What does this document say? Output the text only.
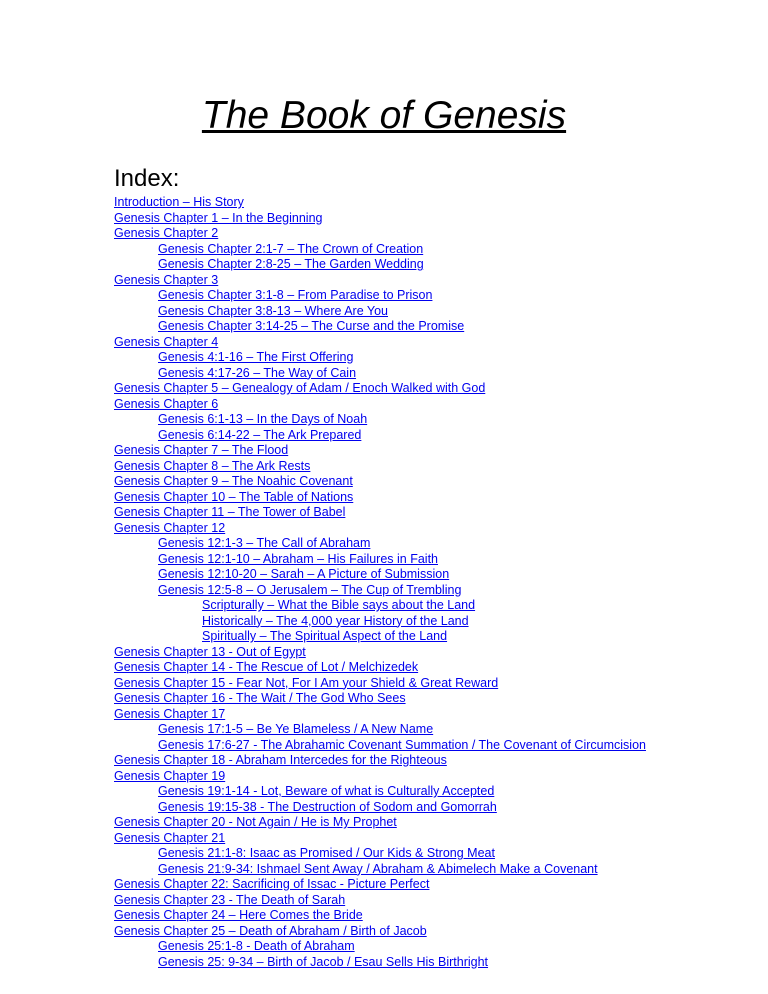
The Book of Genesis
Index:
Introduction – His Story
Genesis Chapter 1 – In the Beginning
Genesis Chapter 2
Genesis Chapter 2:1-7 – The Crown of Creation
Genesis Chapter 2:8-25 – The Garden Wedding
Genesis Chapter 3
Genesis Chapter 3:1-8 – From Paradise to Prison
Genesis Chapter 3:8-13 – Where Are You
Genesis Chapter 3:14-25 – The Curse and the Promise
Genesis Chapter 4
Genesis 4:1-16 – The First Offering
Genesis 4:17-26 – The Way of Cain
Genesis Chapter 5 – Genealogy of Adam / Enoch Walked with God
Genesis Chapter 6
Genesis 6:1-13 – In the Days of Noah
Genesis 6:14-22 – The Ark Prepared
Genesis Chapter 7 – The Flood
Genesis Chapter 8 – The Ark Rests
Genesis Chapter 9 – The Noahic Covenant
Genesis Chapter 10 – The Table of Nations
Genesis Chapter 11 – The Tower of Babel
Genesis Chapter 12
Genesis 12:1-3 – The Call of Abraham
Genesis 12:1-10 – Abraham – His Failures in Faith
Genesis 12:10-20 – Sarah – A Picture of Submission
Genesis 12:5-8 – O Jerusalem – The Cup of Trembling
Scripturally – What the Bible says about the Land
Historically – The 4,000 year History of the Land
Spiritually – The Spiritual Aspect of the Land
Genesis Chapter 13 - Out of Egypt
Genesis Chapter 14 - The Rescue of Lot / Melchizedek
Genesis Chapter 15 - Fear Not, For I Am your Shield & Great Reward
Genesis Chapter 16 - The Wait / The God Who Sees
Genesis Chapter 17
Genesis 17:1-5 – Be Ye Blameless / A New Name
Genesis 17:6-27 - The Abrahamic Covenant Summation / The Covenant of Circumcision
Genesis Chapter 18 - Abraham Intercedes for the Righteous
Genesis Chapter 19
Genesis 19:1-14 - Lot, Beware of what is Culturally Accepted
Genesis 19:15-38 - The Destruction of Sodom and Gomorrah
Genesis Chapter 20 - Not Again / He is My Prophet
Genesis Chapter 21
Genesis 21:1-8: Isaac as Promised / Our Kids & Strong Meat
Genesis 21:9-34: Ishmael Sent Away / Abraham & Abimelech Make a Covenant
Genesis Chapter 22: Sacrificing of Issac - Picture Perfect
Genesis Chapter 23 - The Death of Sarah
Genesis Chapter 24 – Here Comes the Bride
Genesis Chapter 25 – Death of Abraham / Birth of Jacob
Genesis 25:1-8 - Death of Abraham
Genesis 25: 9-34 – Birth of Jacob / Esau Sells His Birthright
